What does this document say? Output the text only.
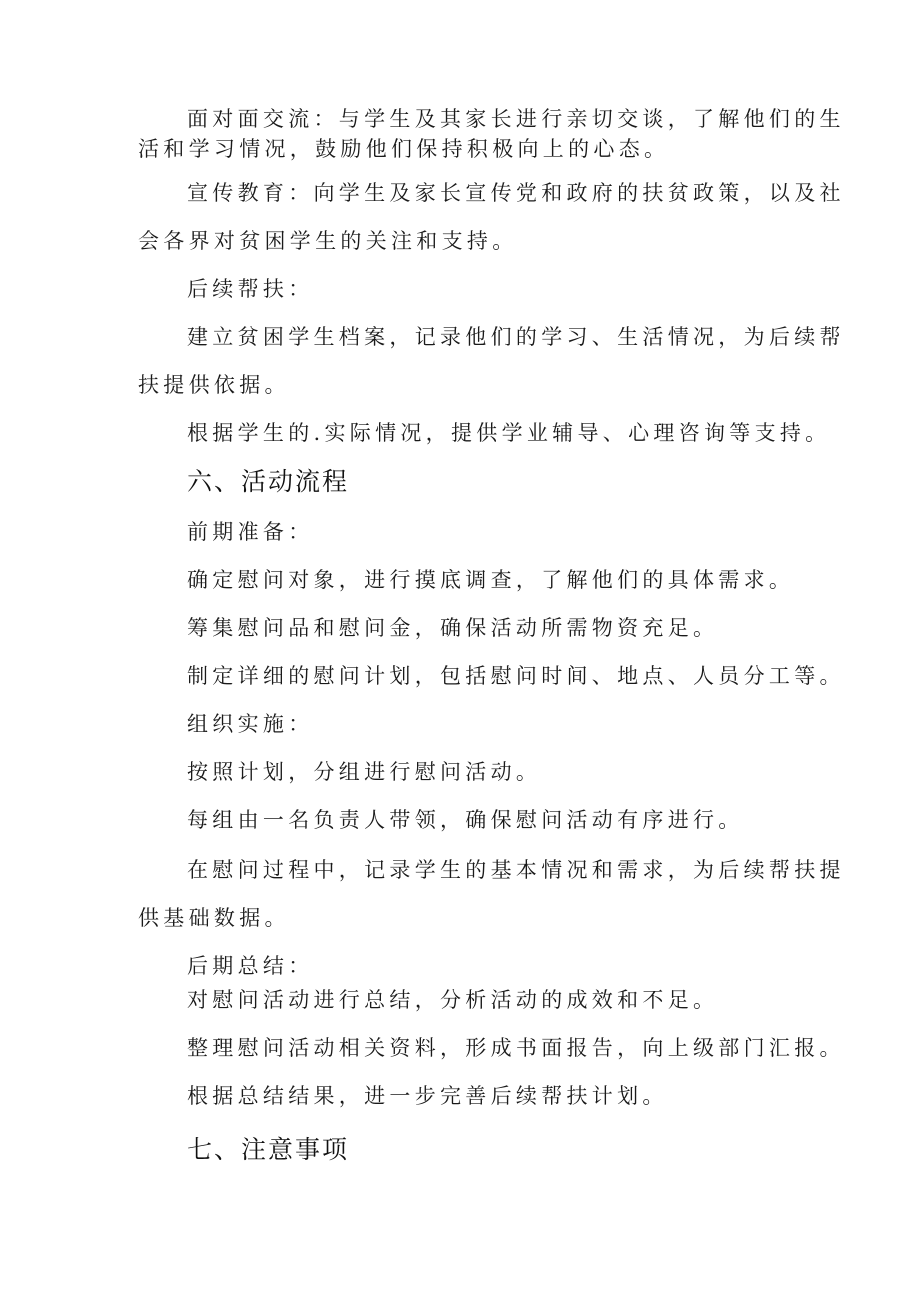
面对面交流：与学生及其家长进行亲切交谈，了解他们的生
活和学习情况，鼓励他们保持积极向上的心态。
宣传教育：向学生及家长宣传党和政府的扶贫政策，以及社
会各界对贫困学生的关注和支持。
后续帮扶：
建立贫困学生档案，记录他们的学习、生活情况，为后续帮
扶提供依据。
根据学生的.实际情况，提供学业辅导、心理咨询等支持。
六、活动流程
前期准备：
确定慰问对象，进行摸底调查，了解他们的具体需求。
筹集慰问品和慰问金，确保活动所需物资充足。
制定详细的慰问计划，包括慰问时间、地点、人员分工等。
组织实施：
按照计划，分组进行慰问活动。
每组由一名负责人带领，确保慰问活动有序进行。
在慰问过程中，记录学生的基本情况和需求，为后续帮扶提
供基础数据。
后期总结：
对慰问活动进行总结，分析活动的成效和不足。
整理慰问活动相关资料，形成书面报告，向上级部门汇报。
根据总结结果，进一步完善后续帮扶计划。
七、注意事项
